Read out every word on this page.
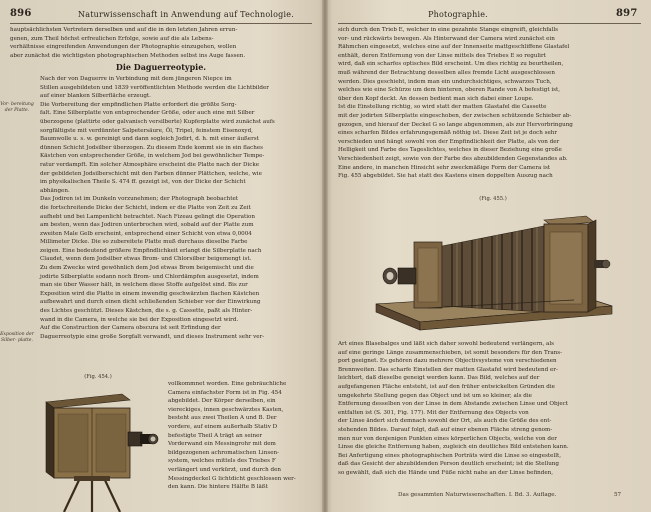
896	Naturwissenschaft in Anwendung auf Technologie.
hauptsächlichsten Vertretern derselben und auf die in den letzten Jahren errun-
genen, zum Theil höchst erfreulichen Erfolge, sowie auf die als Lebens-
verhältnisse eingreifenden Anwendungen der Photographie einzugehen, wollen
aber zunächst die wichtigsten photographischen Methoden selbst ins Auge fassen.
Die Daguerreotypie.
Vor- bereitung der Platte.
Exposition der Silber- platte.
Nach der von Daguerre in Verbindung mit dem jüngeren Niepce im
Stillen ausgebildeten und 1839 veröffentlichten Methode werden die Lichtbilder
auf einer blanken Silberfläche erzeugt.
Die Vorbereitung der empfindlichen Platte erfordert die größte Sorg-
falt. Eine Silberplatte von entsprechender Größe, oder auch eine mit Silber
überzogene (plattirte oder galvanisch versilberte) Kupferplatte wird zunächst aufs
sorgfältigste mit verdünnter Salpetersäure, Öl, Tripel, feinstem Eisenoxyd,
Baumwolle u. s. w. gereinigt und dann sogleich Jodirt, d. h. mit einer äußerst
dünnen Schicht Jodsilber überzogen. Zu diesem Ende kommt sie in ein flaches
Kästchen von entsprechender Größe, in welchem Jod bei gewöhnlicher Tempe-
ratur verdampft. Ein solcher Atmosphäre erscheint die Platte nach der Dicke
der gebildeten Jodsilberschicht mit den Farben dünner Plättchen, welche, wie
im physikalischen Theile S. 474 ff. gezeigt ist, von der Dicke der Schicht
abhängen.
Das Jodiren ist im Dunkeln vorzunehmen; der Photograph beobachtet
die fortschreitende Dicke der Schicht, indem er die Platte von Zeit zu Zeit
aufhebt und bei Lampenlicht betrachtet. Nach Fizeau gelingt die Operation
am besten, wenn das Jodiren unterbrochen wird, sobald auf der Platte zum
zweiten Male Gelb erscheint, entsprechend einer Schicht von etwa 0,0004
Millimeter Dicke. Die so zubereitete Platte muß durchaus dieselbe Farbe
zeigen. Eine bedeutend größere Empfindlichkeit erlangt die Silberplatte nach
Claudet, wenn dem Jodsilber etwas Brom- und Chlorsilber beigemengt ist.
Zu dem Zwecke wird gewöhnlich dem Jod etwas Brom beigemischt und die
jodirte Silberplatte sodann noch Brom- und Chlordämpfen ausgesetzt, indem
man sie über Wasser hält, in welchem diese Stoffe aufgelöst sind. Bis zur
Exposition wird die Platte in einem inwendig geschwärzten flachen Kästchen
aufbewahrt und durch einen dicht schließenden Schieber vor der Einwirkung
des Lichtes geschützt. Dieses Kästchen, die s. g. Cassette, paßt als Hinter-
wand in die Camera, in welche sie bei der Exposition eingesetzt wird.
Auf die Construction der Camera obscura ist seit Erfindung der
Daguerreotypie eine große Sorgfalt verwandt, und dieses Instrument sehr ver-
(Fig. 454.)
vollkommnet worden. Eine gebräuchliche
Camera einfachster Form ist in Fig. 454
abgebildet. Der Körper derselben, ein
viereckiges, innen geschwärztes Kasten,
besteht aus zwei Theilen A und B. Der
vordere, auf einem außerhalb Stativ D
befestigte Theil A trägt an seiner
Vorderwand ein Messingrohr mit dem
bildgezogenen achromatischen Linsen-
system, welches mittels des Triebes F
verlängert und verkürzt, und durch den
Messingdeckel G lichtdicht geschlossen wer-
den kann. Die hintere Hälfte B läßt
Photographie.	897
sich durch den Trieb E, welcher in eine gezahnte Stange eingreift, gleichfalls
vor- und rückwärts bewegen. Als Hinterwand der Camera wird zunächst ein
Rähmchen eingesetzt, welches eine auf der Innenseite mattgeschliffene Glastafel
enthält, deren Entfernung von der Linse mittels des Triebes E so regulirt
wird, daß ein scharfes optisches Bild erscheint. Um dies richtig zu beurtheilen,
muß während der Betrachtung desselben alles fremde Licht ausgeschlossen
werden. Dies geschieht, indem man ein undurchsichtiges, schwarzes Tuch,
welches wie eine Schürze um dem hinteren, oberen Rande von A befestigt ist,
über den Kopf deckt. An dessen bedient man sich dabei einer Loupe.
Ist die Einstellung richtig, so wird statt der matten Glastafel die Cassette
mit der jodirten Silberplatte eingeschoben, der zwischen schützende Schieber ab-
gezogen, und hierauf der Deckel G so lange abgenommen, als zur Hervorbringung
eines scharfen Bildes erfahrungsgemäß nöthig ist. Diese Zeit ist je doch sehr
verschieden und hängt sowohl von der Empfindlichkeit der Platte, als von der
Helligkeit und Farbe des Tageslichtes, welches in dieser Beziehung eine große
Verschiedenheit zeigt, sowie von der Farbe des abzubildenden Gegenstandes ab.
Eine andere, in manchen Hinsicht sehr zweckmäßige Form der Camera ist
Fig. 455 abgebildet. Sie hat statt des Kastens einen doppelten Auszug nach
(Fig. 455.)
Art eines Blasebalges und läßt sich daher sowohl bedeutend verlängern, als
auf eine geringe Länge zusammenschieben, ist somit besonders für den Trans-
port geeignet. Es gehören dazu mehrere Objectivsysteme von verschiedenen
Brennweiten. Das scharfe Einstellen der matten Glastafel wird bedeutend er-
leichtert, daß dieselbe geneigt werden kann. Das Bild, welches auf der
aufgefangenen Fläche entsteht, ist auf den früher entwickelten Gründen die
umgekehrte Stellung gegen das Object und ist um so kleiner, als die
Entfernung desselben von der Linse in dem Abstande zwischen Linse und Object
entfalten ist (S. 301, Fig. 177). Mit der Entfernung des Objects von
der Linse ändert sich demnach sowohl der Ort, als auch die Größe des ent-
stehenden Bildes. Darauf folgt, daß auf einer ebenen Fläche streng genom-
men nur von denjenigen Punkten eines körperlichen Objects, welche von der
Linse die gleiche Entfernung haben, zugleich ein deutliches Bild entstehen kann.
Bei Anfertigung eines photographischen Porträts wird die Linse so eingestellt,
daß das Gesicht der abzubildenden Person deutlich erscheint; ist die Stellung
so gewählt, daß sich die Hände und Füße nicht nahe an der Linse befinden,
Das gesammten Naturwissenschaften. I. Bd. 3. Auflage.	57
